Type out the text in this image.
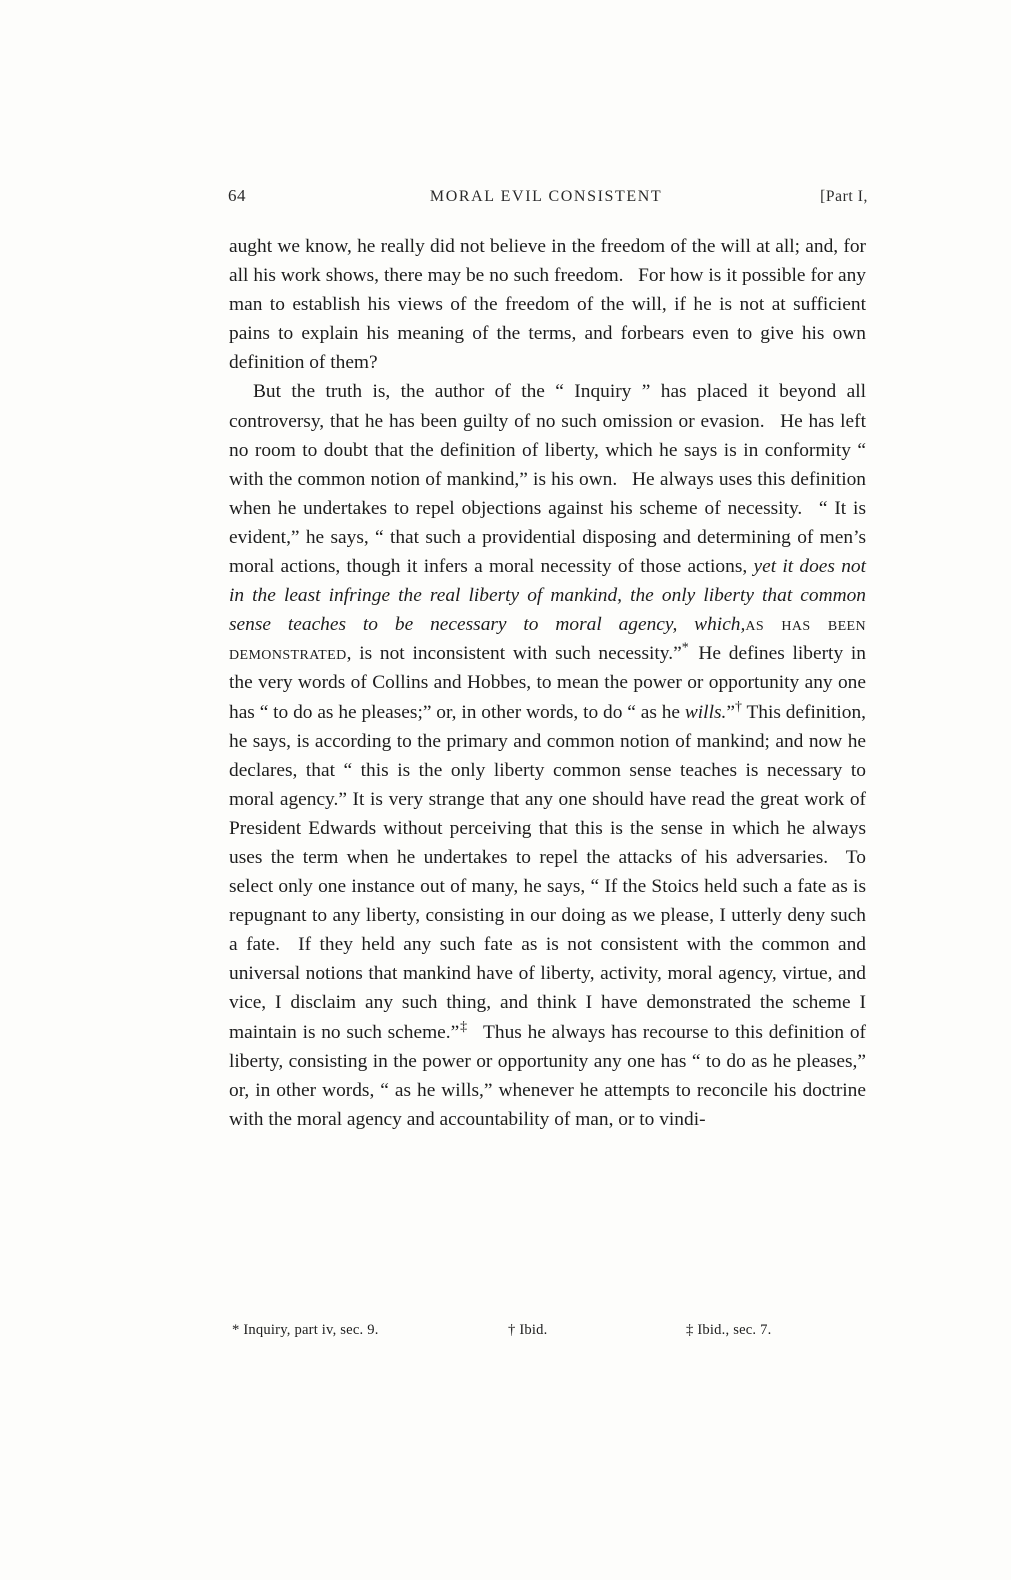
64	MORAL EVIL CONSISTENT	[Part I,

aught we know, he really did not believe in the freedom of the will at all; and, for all his work shows, there may be no such freedom.  For how is it possible for any man to establish his views of the freedom of the will, if he is not at sufficient pains to explain his meaning of the terms, and forbears even to give his own definition of them?

But the truth is, the author of the “ Inquiry ” has placed it beyond all controversy, that he has been guilty of no such omission or evasion.  He has left no room to doubt that the definition of liberty, which he says is in conformity “ with the common notion of mankind,” is his own.  He always uses this definition when he undertakes to repel objections against his scheme of necessity.  “ It is evident,” he says, “ that such a providential disposing and determining of men’s moral actions, though it infers a moral necessity of those actions, yet it does not in the least infringe the real liberty of mankind, the only liberty that common sense teaches to be necessary to moral agency, which,as has been demonstrated, is not inconsistent with such necessity.”* He defines liberty in the very words of Collins and Hobbes, to mean the power or opportunity any one has “ to do as he pleases;” or, in other words, to do “ as he wills.”† This definition, he says, is according to the primary and common notion of mankind; and now he declares, that “ this is the only liberty common sense teaches is necessary to moral agency.” It is very strange that any one should have read the great work of President Edwards without perceiving that this is the sense in which he always uses the term when he undertakes to repel the attacks of his adversaries.  To select only one instance out of many, he says, “ If the Stoics held such a fate as is repugnant to any liberty, consisting in our doing as we please, I utterly deny such a fate.  If they held any such fate as is not consistent with the common and universal notions that mankind have of liberty, activity, moral agency, virtue, and vice, I disclaim any such thing, and think I have demonstrated the scheme I maintain is no such scheme.”‡  Thus he always has recourse to this definition of liberty, consisting in the power or opportunity any one has “ to do as he pleases,” or, in other words, “ as he wills,” whenever he attempts to reconcile his doctrine with the moral agency and accountability of man, or to vindi-

* Inquiry, part iv, sec. 9.	† Ibid.	‡ Ibid., sec. 7.
